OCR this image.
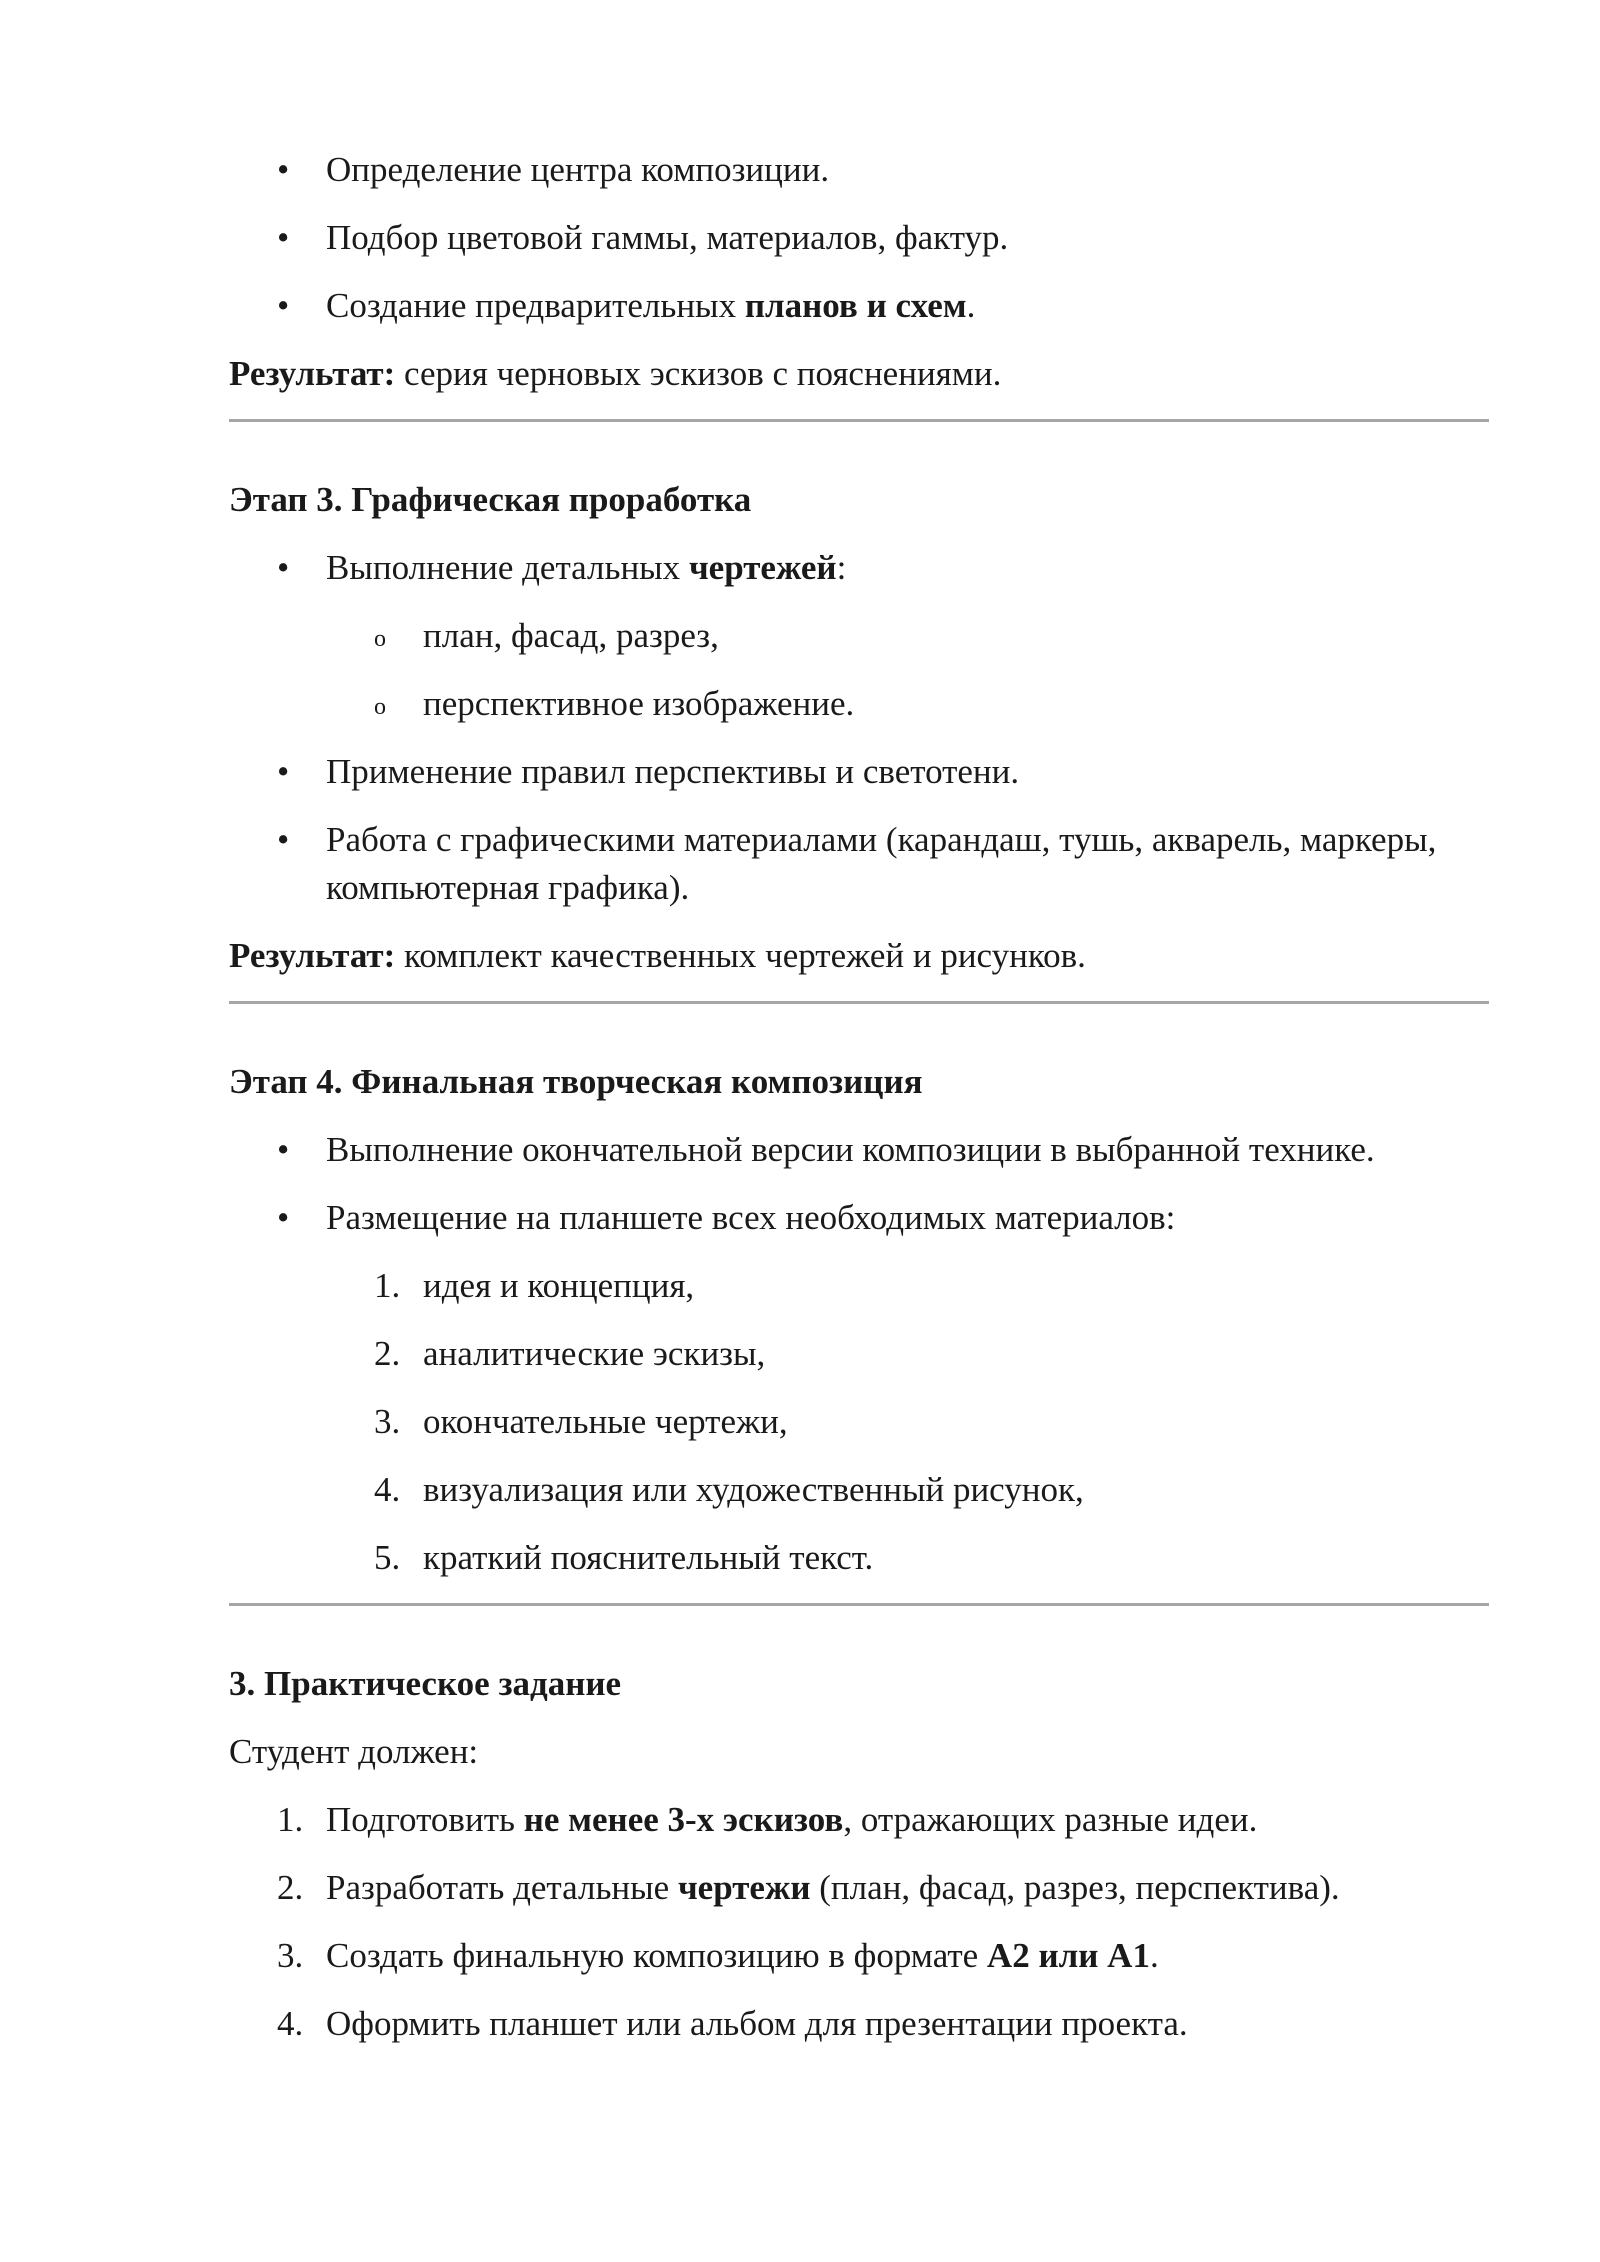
• Определение центра композиции.
• Подбор цветовой гаммы, материалов, фактур.
• Создание предварительных планов и схем.

Результат: серия черновых эскизов с пояснениями.

Этап 3. Графическая проработка

• Выполнение детальных чертежей:
o план, фасад, разрез,
o перспективное изображение.
• Применение правил перспективы и светотени.
• Работа с графическими материалами (карандаш, тушь, акварель, маркеры, компьютерная графика).

Результат: комплект качественных чертежей и рисунков.

Этап 4. Финальная творческая композиция

• Выполнение окончательной версии композиции в выбранной технике.
• Размещение на планшете всех необходимых материалов:
1. идея и концепция,
2. аналитические эскизы,
3. окончательные чертежи,
4. визуализация или художественный рисунок,
5. краткий пояснительный текст.

3. Практическое задание

Студент должен:

1. Подготовить не менее 3-х эскизов, отражающих разные идеи.
2. Разработать детальные чертежи (план, фасад, разрез, перспектива).
3. Создать финальную композицию в формате А2 или А1.
4. Оформить планшет или альбом для презентации проекта.
